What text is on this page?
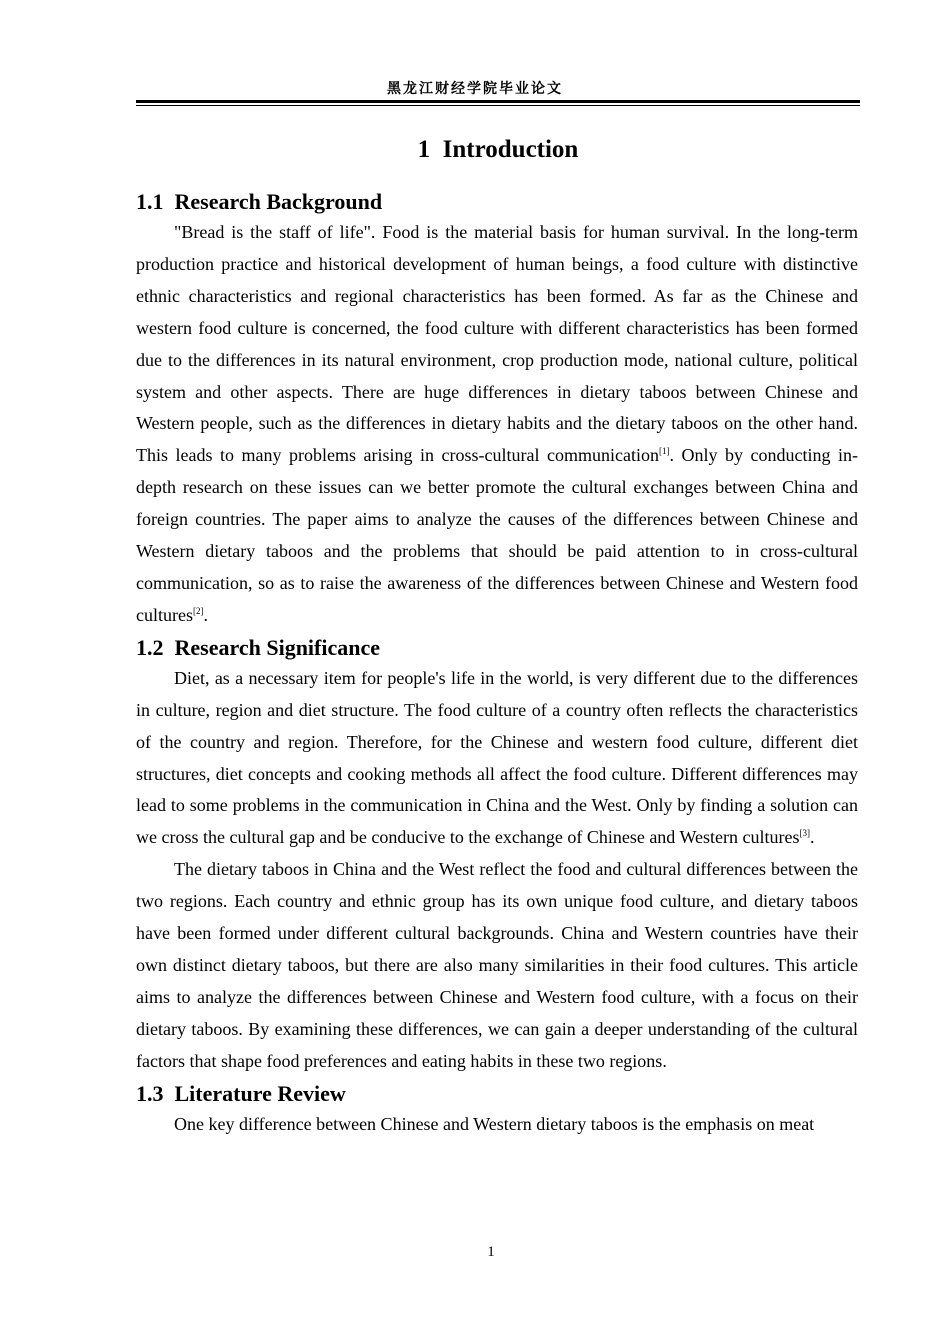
黑龙江财经学院毕业论文
1 Introduction
1.1 Research Background

"Bread is the staff of life". Food is the material basis for human survival. In the long-term production practice and historical development of human beings, a food culture with distinctive ethnic characteristics and regional characteristics has been formed. As far as the Chinese and western food culture is concerned, the food culture with different characteristics has been formed due to the differences in its natural environment, crop production mode, national culture, political system and other aspects. There are huge differences in dietary taboos between Chinese and Western people, such as the differences in dietary habits and the dietary taboos on the other hand. This leads to many problems arising in cross-cultural communication[1]. Only by conducting in-depth research on these issues can we better promote the cultural exchanges between China and foreign countries. The paper aims to analyze the causes of the differences between Chinese and Western dietary taboos and the problems that should be paid attention to in cross-cultural communication, so as to raise the awareness of the differences between Chinese and Western food cultures[2].

1.2 Research Significance

Diet, as a necessary item for people's life in the world, is very different due to the differences in culture, region and diet structure. The food culture of a country often reflects the characteristics of the country and region. Therefore, for the Chinese and western food culture, different diet structures, diet concepts and cooking methods all affect the food culture. Different differences may lead to some problems in the communication in China and the West. Only by finding a solution can we cross the cultural gap and be conducive to the exchange of Chinese and Western cultures[3].

The dietary taboos in China and the West reflect the food and cultural differences between the two regions. Each country and ethnic group has its own unique food culture, and dietary taboos have been formed under different cultural backgrounds. China and Western countries have their own distinct dietary taboos, but there are also many similarities in their food cultures. This article aims to analyze the differences between Chinese and Western food culture, with a focus on their dietary taboos. By examining these differences, we can gain a deeper understanding of the cultural factors that shape food preferences and eating habits in these two regions.

1.3 Literature Review

One key difference between Chinese and Western dietary taboos is the emphasis on meat

1
